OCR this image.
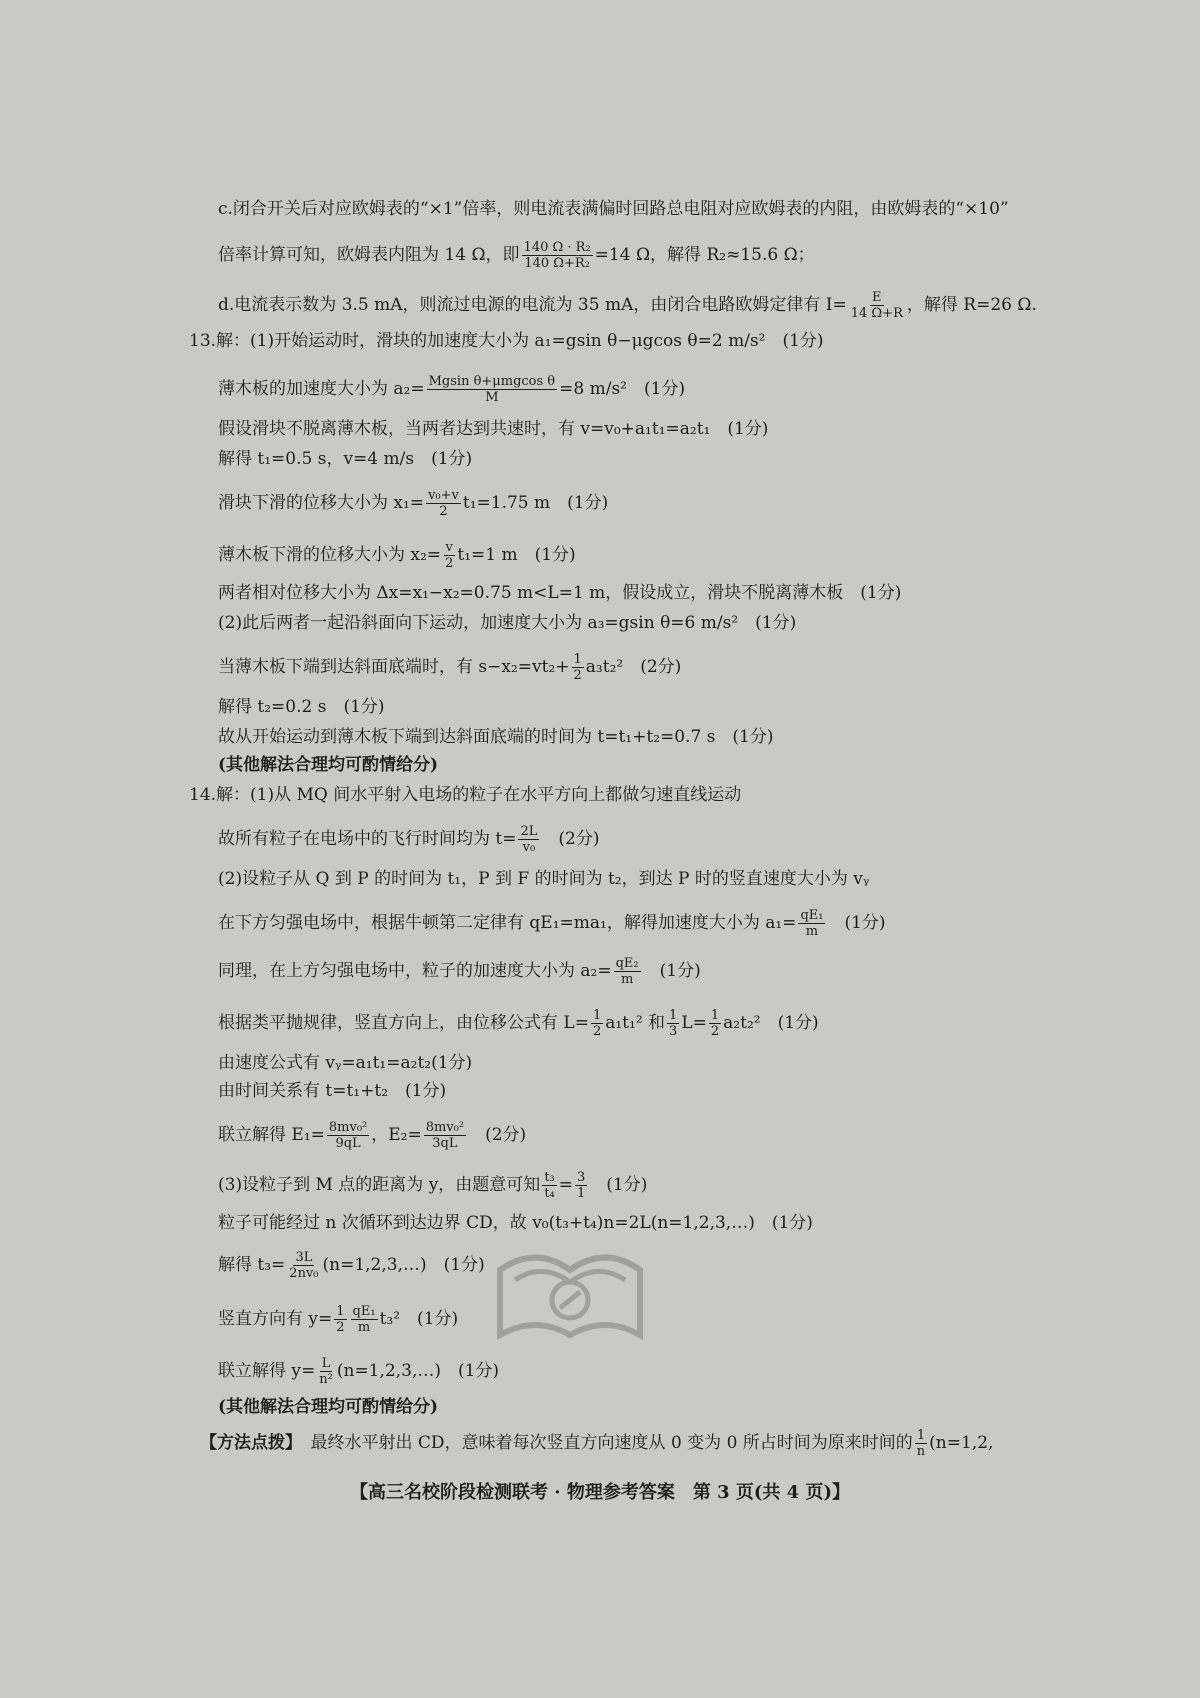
c.闭合开关后对应欧姆表的“×1”倍率，则电流表满偏时回路总电阻对应欧姆表的内阻，由欧姆表的“×10”
倍率计算可知，欧姆表内阻为 14 Ω，即 $\frac{\text{140 Ω · R₂}}{\text{140 Ω+R₂}} =14$ Ω，解得 R₂≈15.6 Ω；
d.电流表示数为 3.5 mA，则流过电源的电流为 35 mA，由闭合电路欧姆定律有 $I= \frac{E}{14 \Omega+R}$ ，解得 R=26 Ω.
13.解：(1)开始运动时，滑块的加速度大小为 a₁=gsin θ−μgcos θ=2 m/s²　(1分)
薄木板的加速度大小为 $a_2= \frac{\text{Mgsin θ+μmgcos θ}}{M} =8$ m/s²　(1分)
假设滑块不脱离薄木板，当两者达到共速时，有 v=v₀+a₁t₁=a₂t₁　(1分)
解得 t₁=0.5 s，v=4 m/s　(1分)
滑块下滑的位移大小为 $x_1= \frac{\text{v₀+v}}{2} t_1=1.75$ m　(1分)
薄木板下滑的位移大小为 $x_2= \frac{v}{2} t_1=1$ m　(1分)
两者相对位移大小为 Δx=x₁−x₂=0.75 m<L=1 m，假设成立，滑块不脱离薄木板　(1分)
(2)此后两者一起沿斜面向下运动，加速度大小为 a₃=gsin θ=6 m/s²　(1分)
当薄木板下端到达斜面底端时，有 $s-x_2=vt_2+ \frac{1}{2} a_3t_2^2$　(2分)
解得 t₂=0.2 s　(1分)
故从开始运动到薄木板下端到达斜面底端的时间为 t=t₁+t₂=0.7 s　(1分)
(其他解法合理均可酌情给分)
14.解：(1)从 MQ 间水平射入电场的粒子在水平方向上都做匀速直线运动
故所有粒子在电场中的飞行时间均为 $t= \frac{2L}{\text{v₀}}$ 　(2分)
(2)设粒子从 Q 到 P 的时间为 t₁，P 到 F 的时间为 t₂，到达 P 时的竖直速度大小为 vᵧ
在下方匀强电场中，根据牛顿第二定律有 qE₁=ma₁，解得加速度大小为 $a_1= \frac{\text{qE₁}}{m}$ 　(1分)
同理，在上方匀强电场中，粒子的加速度大小为 $a_2= \frac{\text{qE₂}}{m}$ 　(1分)
根据类平抛规律，竖直方向上，由位移公式有 $L= \frac{1}{2} a_1t_1^2$ 和 $\frac{1}{3} L= \frac{1}{2} a_2t_2^2$　(1分)
由速度公式有 vᵧ=a₁t₁=a₂t₂(1分)
由时间关系有 t=t₁+t₂　(1分)
联立解得 $E_1= \frac{\text{8mv₀²}}{9qL}$ ，$E_2= \frac{\text{8mv₀²}}{3qL}$ 　(2分)
(3)设粒子到 M 点的距离为 y，由题意可知 $\frac{\text{t₃}}{\text{t₄}} = \frac{3}{1}$ 　(1分)
粒子可能经过 n 次循环到达边界 CD，故 v₀(t₃+t₄)n=2L(n=1,2,3,…)　(1分)
解得 $t_3= \frac{3L}{\text{2nv₀}}$ (n=1,2,3,…)　(1分)
竖直方向有 $y= \frac{1}{2} \frac{\text{qE₁}}{m} t_3^2$　(1分)
联立解得 $y= \frac{L}{\text{n²}}$ (n=1,2,3,…)　(1分)
(其他解法合理均可酌情给分)
【方法点拨】　最终水平射出 CD，意味着每次竖直方向速度从 0 变为 0 所占时间为原来时间的 $\frac{1}{n} (n=1,2$,
【高三名校阶段检测联考 · 物理参考答案　第 3 页(共 4 页)】
